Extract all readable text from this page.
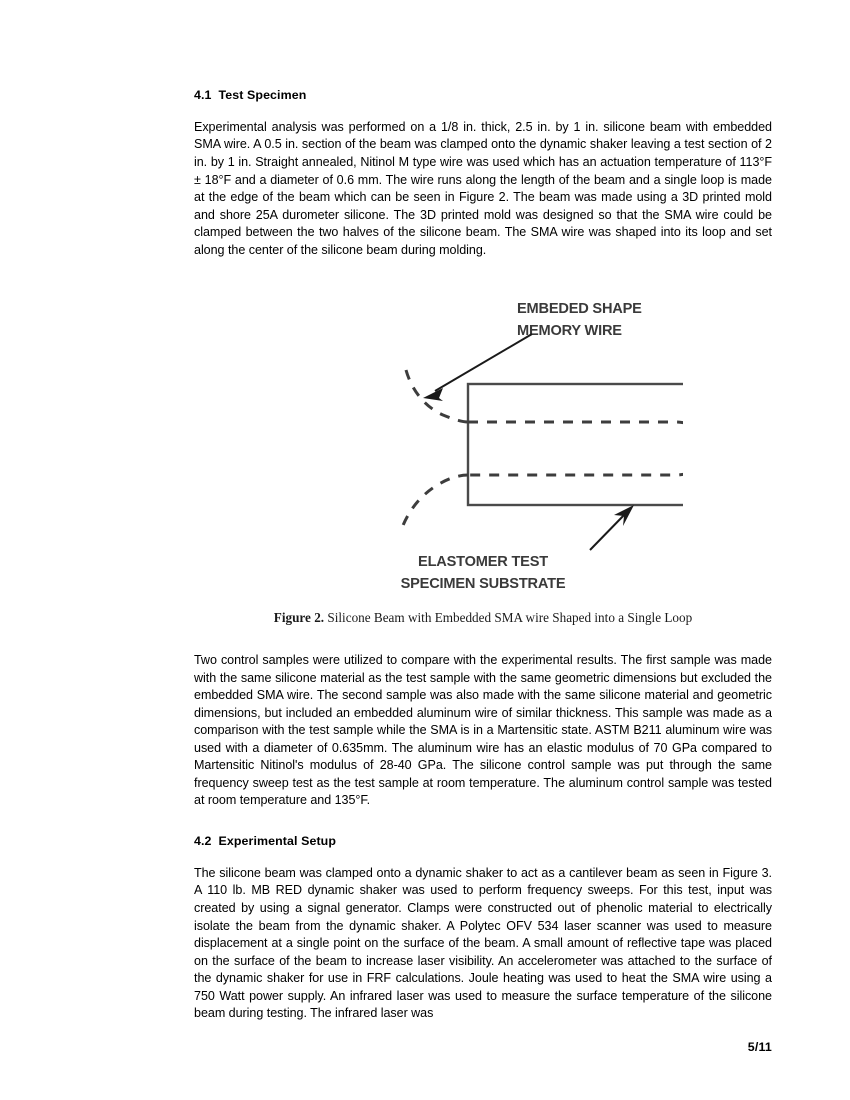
4.1 Test Specimen

Experimental analysis was performed on a 1/8 in. thick, 2.5 in. by 1 in. silicone beam with embedded SMA wire. A 0.5 in. section of the beam was clamped onto the dynamic shaker leaving a test section of 2 in. by 1 in. Straight annealed, Nitinol M type wire was used which has an actuation temperature of 113°F ± 18°F and a diameter of 0.6 mm. The wire runs along the length of the beam and a single loop is made at the edge of the beam which can be seen in Figure 2. The beam was made using a 3D printed mold and shore 25A durometer silicone. The 3D printed mold was designed so that the SMA wire could be clamped between the two halves of the silicone beam. The SMA wire was shaped into its loop and set along the center of the silicone beam during molding.

EMBEDED SHAPE
MEMORY WIRE
ELASTOMER TEST
SPECIMEN SUBSTRATE
Figure 2. Silicone Beam with Embedded SMA wire Shaped into a Single Loop

Two control samples were utilized to compare with the experimental results. The first sample was made with the same silicone material as the test sample with the same geometric dimensions but excluded the embedded SMA wire. The second sample was also made with the same silicone material and geometric dimensions, but included an embedded aluminum wire of similar thickness. This sample was made as a comparison with the test sample while the SMA is in a Martensitic state. ASTM B211 aluminum wire was used with a diameter of 0.635mm. The aluminum wire has an elastic modulus of 70 GPa compared to Martensitic Nitinol's modulus of 28-40 GPa. The silicone control sample was put through the same frequency sweep test as the test sample at room temperature. The aluminum control sample was tested at room temperature and 135°F.

4.2 Experimental Setup

The silicone beam was clamped onto a dynamic shaker to act as a cantilever beam as seen in Figure 3. A 110 lb. MB RED dynamic shaker was used to perform frequency sweeps. For this test, input was created by using a signal generator. Clamps were constructed out of phenolic material to electrically isolate the beam from the dynamic shaker. A Polytec OFV 534 laser scanner was used to measure displacement at a single point on the surface of the beam. A small amount of reflective tape was placed on the surface of the beam to increase laser visibility. An accelerometer was attached to the surface of the dynamic shaker for use in FRF calculations. Joule heating was used to heat the SMA wire using a 750 Watt power supply. An infrared laser was used to measure the surface temperature of the silicone beam during testing. The infrared laser was

5/11
